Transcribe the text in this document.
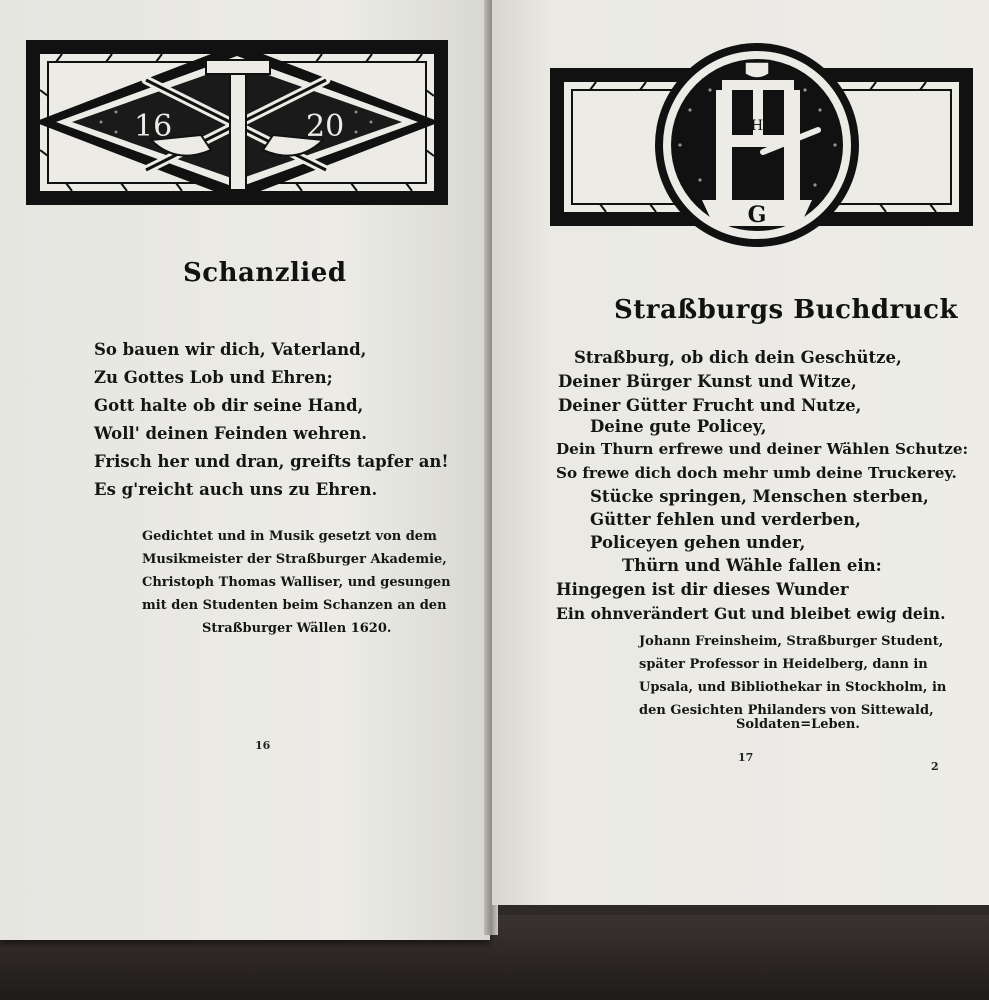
16	20
Schanzlied
So bauen wir dich, Vaterland,
Zu Gottes Lob und Ehren;
Gott halte ob dir seine Hand,
Woll' deinen Feinden wehren.
Frisch her und dran, greifts tapfer an!
Es g'reicht auch uns zu Ehren.
Gedichtet und in Musik gesetzt von dem
Musikmeister der Straßburger Akademie,
Christoph Thomas Walliser, und gesungen
mit den Studenten beim Schanzen an den
Straßburger Wällen 1620.
16
H
G
Straßburgs Buchdruck
Straßburg, ob dich dein Geschütze,
Deiner Bürger Kunst und Witze,
Deiner Gütter Frucht und Nutze,
Deine gute Policey,
Dein Thurn erfrewe und deiner Wählen Schutze:
So frewe dich doch mehr umb deine Truckerey.
Stücke springen, Menschen sterben,
Gütter fehlen und verderben,
Policeyen gehen under,
Thürn und Wähle fallen ein:
Hingegen ist dir dieses Wunder
Ein ohnverändert Gut und bleibet ewig dein.
Johann Freinsheim, Straßburger Student,
später Professor in Heidelberg, dann in
Upsala, und Bibliothekar in Stockholm, in
den Gesichten Philanders von Sittewald,
Soldaten=Leben.
17
2
